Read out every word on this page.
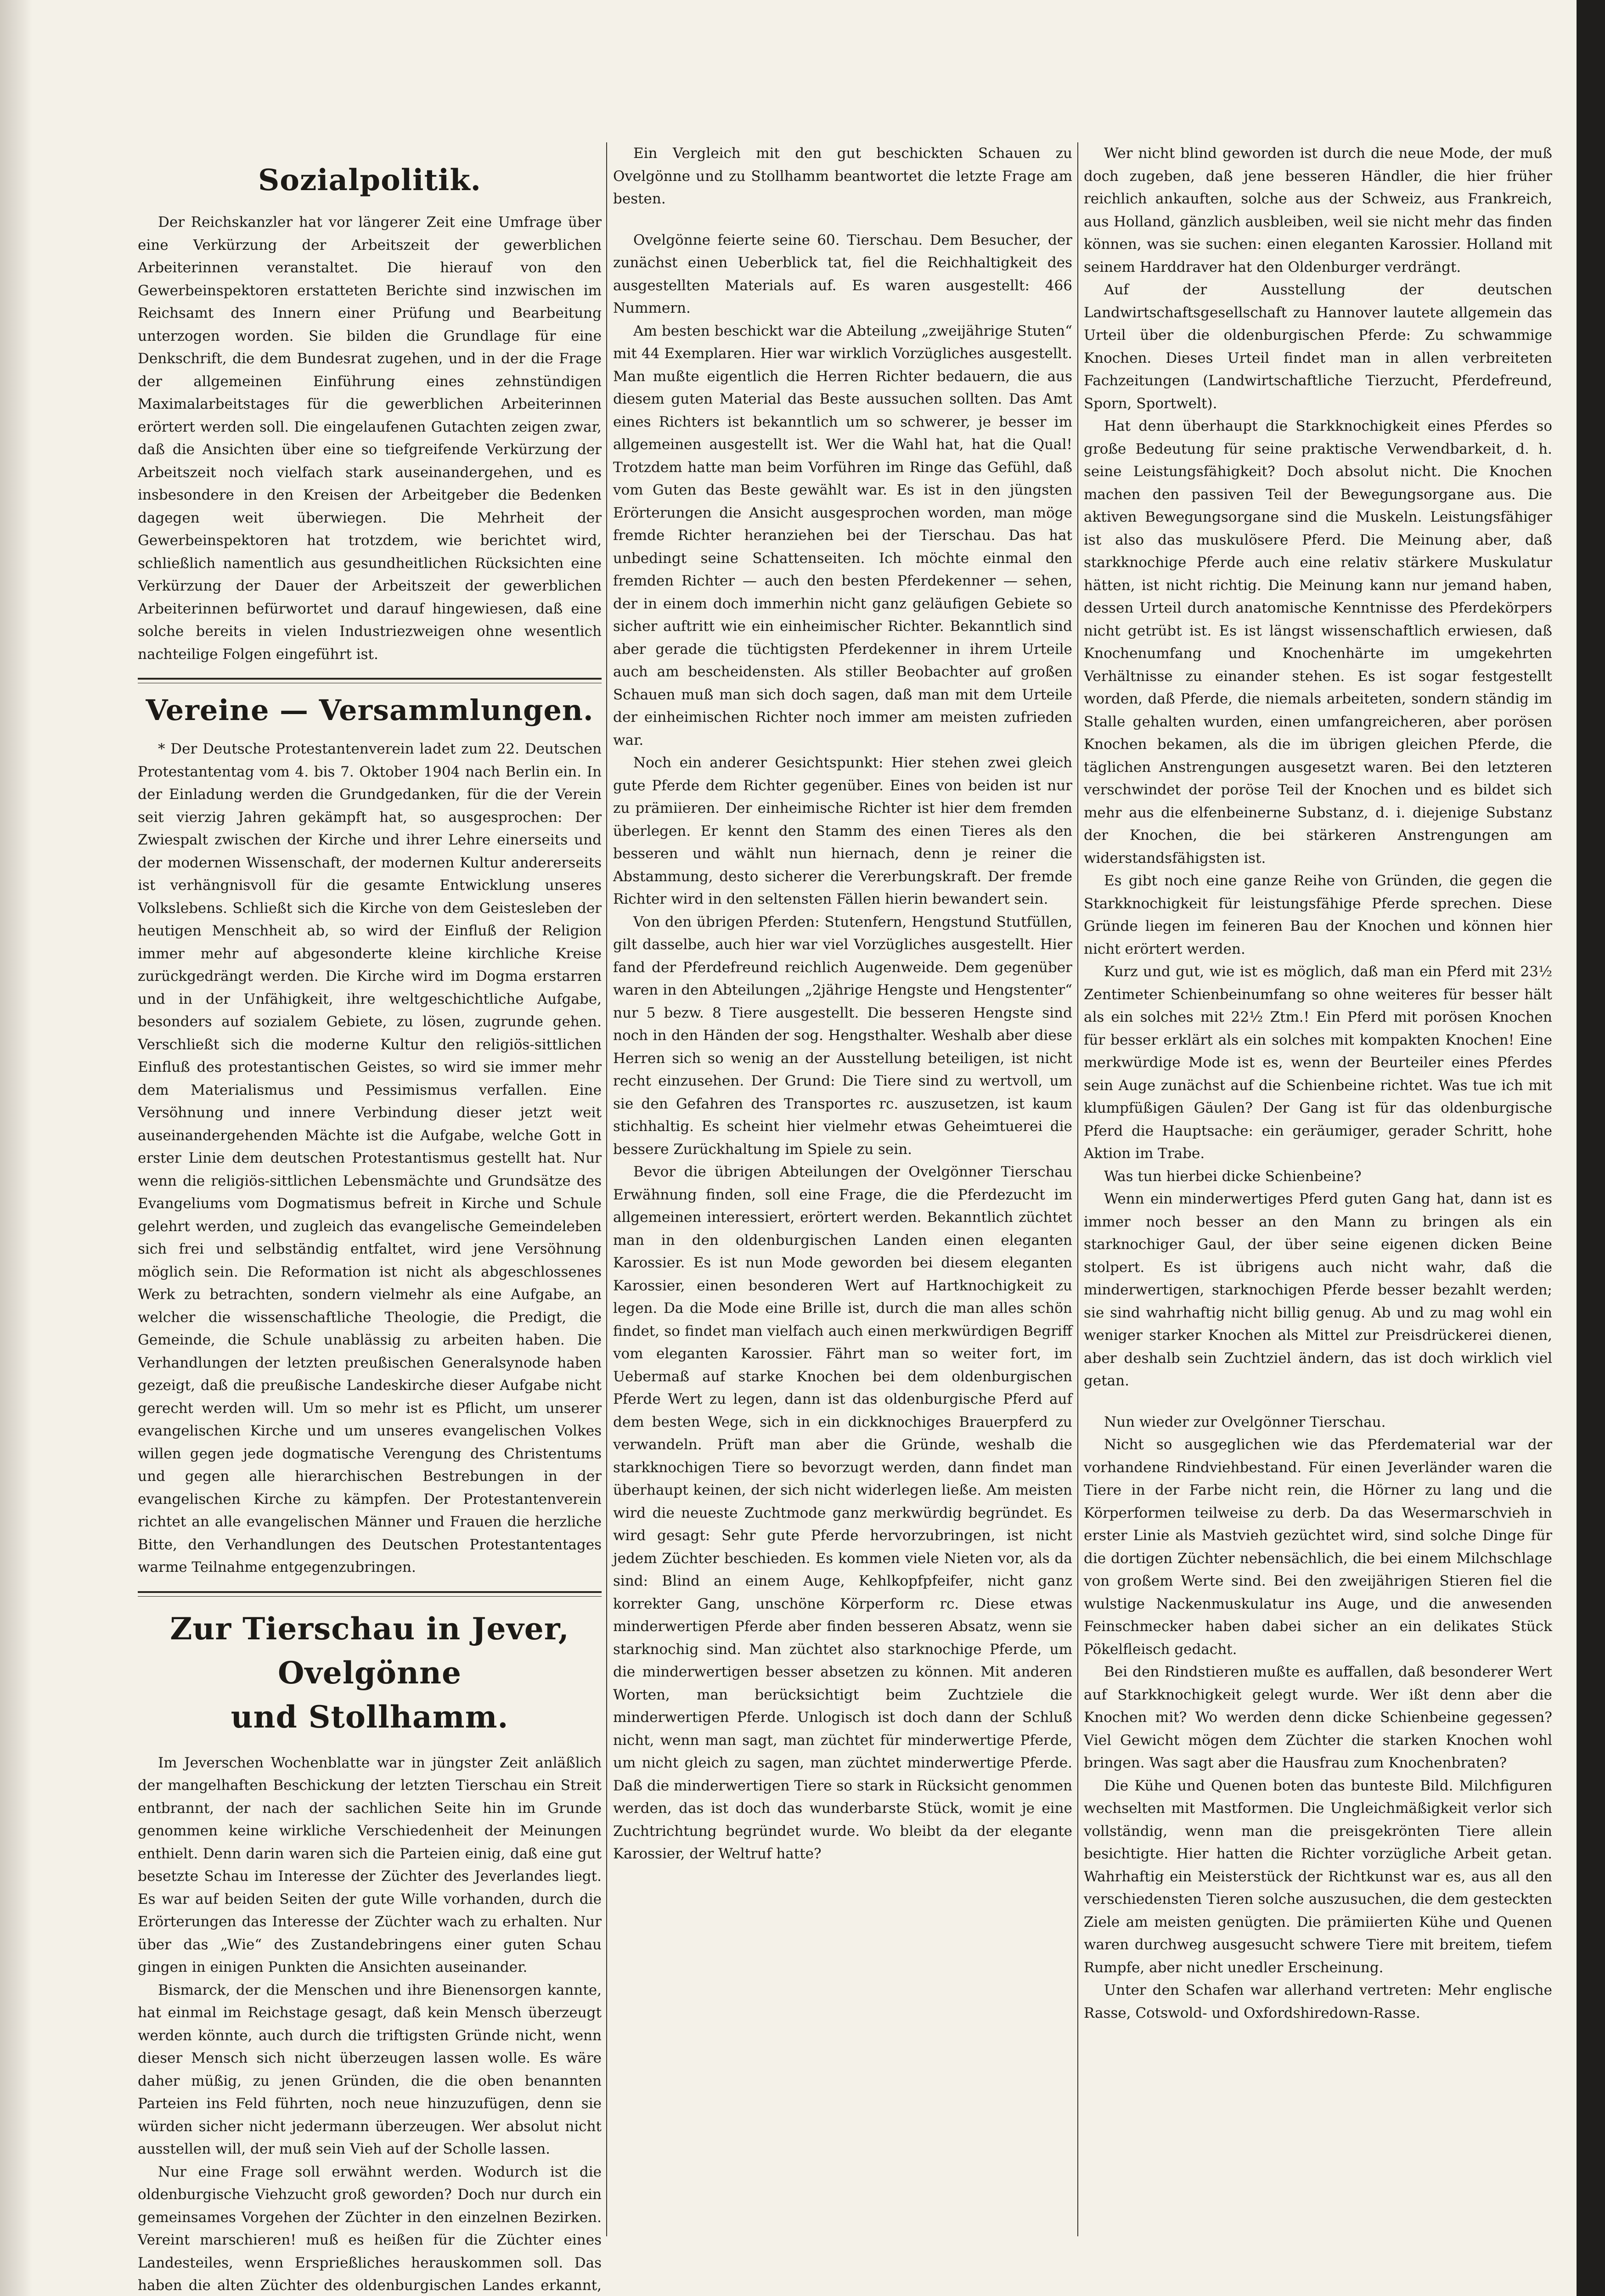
Sozialpolitik.

Der Reichskanzler hat vor längerer Zeit eine Umfrage über eine Verkürzung der Arbeitszeit der gewerblichen Arbeiterinnen veranstaltet. Die hierauf von den Gewerbeinspektoren erstatteten Berichte sind inzwischen im Reichsamt des Innern einer Prüfung und Bearbeitung unterzogen worden. Sie bilden die Grundlage für eine Denkschrift, die dem Bundesrat zugehen, und in der die Frage der allgemeinen Einführung eines zehnstündigen Maximalarbeitstages für die gewerblichen Arbeiterinnen erörtert werden soll. Die eingelaufenen Gutachten zeigen zwar, daß die Ansichten über eine so tiefgreifende Verkürzung der Arbeitszeit noch vielfach stark auseinandergehen, und es insbesondere in den Kreisen der Arbeitgeber die Bedenken dagegen weit überwiegen. Die Mehrheit der Gewerbeinspektoren hat trotzdem, wie berichtet wird, schließlich namentlich aus gesundheitlichen Rücksichten eine Verkürzung der Dauer der Arbeitszeit der gewerblichen Arbeiterinnen befürwortet und darauf hingewiesen, daß eine solche bereits in vielen Industriezweigen ohne wesentlich nachteilige Folgen eingeführt ist.

Vereine — Versammlungen.

* Der Deutsche Protestantenverein ladet zum 22. Deutschen Protestantentag vom 4. bis 7. Oktober 1904 nach Berlin ein. In der Einladung werden die Grundgedanken, für die der Verein seit vierzig Jahren gekämpft hat, so ausgesprochen: Der Zwiespalt zwischen der Kirche und ihrer Lehre einerseits und der modernen Wissenschaft, der modernen Kultur andererseits ist verhängnisvoll für die gesamte Entwicklung unseres Volkslebens. Schließt sich die Kirche von dem Geistesleben der heutigen Menschheit ab, so wird der Einfluß der Religion immer mehr auf abgesonderte kleine kirchliche Kreise zurückgedrängt werden. Die Kirche wird im Dogma erstarren und in der Unfähigkeit, ihre weltgeschichtliche Aufgabe, besonders auf sozialem Gebiete, zu lösen, zugrunde gehen. Verschließt sich die moderne Kultur den religiös-sittlichen Einfluß des protestantischen Geistes, so wird sie immer mehr dem Materialismus und Pessimismus verfallen. Eine Versöhnung und innere Verbindung dieser jetzt weit auseinandergehenden Mächte ist die Aufgabe, welche Gott in erster Linie dem deutschen Protestantismus gestellt hat. Nur wenn die religiös-sittlichen Lebensmächte und Grundsätze des Evangeliums vom Dogmatismus befreit in Kirche und Schule gelehrt werden, und zugleich das evangelische Gemeindeleben sich frei und selbständig entfaltet, wird jene Versöhnung möglich sein. Die Reformation ist nicht als abgeschlossenes Werk zu betrachten, sondern vielmehr als eine Aufgabe, an welcher die wissenschaftliche Theologie, die Predigt, die Gemeinde, die Schule unablässig zu arbeiten haben. Die Verhandlungen der letzten preußischen Generalsynode haben gezeigt, daß die preußische Landeskirche dieser Aufgabe nicht gerecht werden will. Um so mehr ist es Pflicht, um unserer evangelischen Kirche und um unseres evangelischen Volkes willen gegen jede dogmatische Verengung des Christentums und gegen alle hierarchischen Bestrebungen in der evangelischen Kirche zu kämpfen. Der Protestantenverein richtet an alle evangelischen Männer und Frauen die herzliche Bitte, den Verhandlungen des Deutschen Protestantentages warme Teilnahme entgegenzubringen.

Zur Tierschau in Jever, Ovelgönne
und Stollhamm.

Im Jeverschen Wochenblatte war in jüngster Zeit anläßlich der mangelhaften Beschickung der letzten Tierschau ein Streit entbrannt, der nach der sachlichen Seite hin im Grunde genommen keine wirkliche Verschiedenheit der Meinungen enthielt. Denn darin waren sich die Parteien einig, daß eine gut besetzte Schau im Interesse der Züchter des Jeverlandes liegt. Es war auf beiden Seiten der gute Wille vorhanden, durch die Erörterungen das Interesse der Züchter wach zu erhalten. Nur über das „Wie“ des Zustandebringens einer guten Schau gingen in einigen Punkten die Ansichten auseinander.

Bismarck, der die Menschen und ihre Bienensorgen kannte, hat einmal im Reichstage gesagt, daß kein Mensch überzeugt werden könnte, auch durch die triftigsten Gründe nicht, wenn dieser Mensch sich nicht überzeugen lassen wolle. Es wäre daher müßig, zu jenen Gründen, die die oben benannten Parteien ins Feld führten, noch neue hinzuzufügen, denn sie würden sicher nicht jedermann überzeugen. Wer absolut nicht ausstellen will, der muß sein Vieh auf der Scholle lassen.

Nur eine Frage soll erwähnt werden. Wodurch ist die oldenburgische Viehzucht groß geworden? Doch nur durch ein gemeinsames Vorgehen der Züchter in den einzelnen Bezirken. Vereint marschieren! muß es heißen für die Züchter eines Landesteiles, wenn Ersprießliches herauskommen soll. Das haben die alten Züchter des oldenburgischen Landes erkannt,

Ein Vergleich mit den gut beschickten Schauen zu Ovelgönne und zu Stollhamm beantwortet die letzte Frage am besten.

Ovelgönne feierte seine 60. Tierschau. Dem Besucher, der zunächst einen Ueberblick tat, fiel die Reichhaltigkeit des ausgestellten Materials auf. Es waren ausgestellt: 466 Nummern.

Am besten beschickt war die Abteilung „zweijährige Stuten“ mit 44 Exemplaren. Hier war wirklich Vorzügliches ausgestellt. Man mußte eigentlich die Herren Richter bedauern, die aus diesem guten Material das Beste aussuchen sollten. Das Amt eines Richters ist bekanntlich um so schwerer, je besser im allgemeinen ausgestellt ist. Wer die Wahl hat, hat die Qual! Trotzdem hatte man beim Vorführen im Ringe das Gefühl, daß vom Guten das Beste gewählt war. Es ist in den jüngsten Erörterungen die Ansicht ausgesprochen worden, man möge fremde Richter heranziehen bei der Tierschau. Das hat unbedingt seine Schattenseiten. Ich möchte einmal den fremden Richter — auch den besten Pferdekenner — sehen, der in einem doch immerhin nicht ganz geläufigen Gebiete so sicher auftritt wie ein einheimischer Richter. Bekanntlich sind aber gerade die tüchtigsten Pferdekenner in ihrem Urteile auch am bescheidensten. Als stiller Beobachter auf großen Schauen muß man sich doch sagen, daß man mit dem Urteile der einheimischen Richter noch immer am meisten zufrieden war.

Noch ein anderer Gesichtspunkt: Hier stehen zwei gleich gute Pferde dem Richter gegenüber. Eines von beiden ist nur zu prämiieren. Der einheimische Richter ist hier dem fremden überlegen. Er kennt den Stamm des einen Tieres als den besseren und wählt nun hiernach, denn je reiner die Abstammung, desto sicherer die Vererbungskraft. Der fremde Richter wird in den seltensten Fällen hierin bewandert sein.

Von den übrigen Pferden: Stutenfern, Hengstund Stutfüllen, gilt dasselbe, auch hier war viel Vorzügliches ausgestellt. Hier fand der Pferdefreund reichlich Augenweide. Dem gegenüber waren in den Abteilungen „2jährige Hengste und Hengstenter“ nur 5 bezw. 8 Tiere ausgestellt. Die besseren Hengste sind noch in den Händen der sog. Hengsthalter. Weshalb aber diese Herren sich so wenig an der Ausstellung beteiligen, ist nicht recht einzusehen. Der Grund: Die Tiere sind zu wertvoll, um sie den Gefahren des Transportes rc. auszusetzen, ist kaum stichhaltig. Es scheint hier vielmehr etwas Geheimtuerei die bessere Zurückhaltung im Spiele zu sein.

Bevor die übrigen Abteilungen der Ovelgönner Tierschau Erwähnung finden, soll eine Frage, die die Pferdezucht im allgemeinen interessiert, erörtert werden. Bekanntlich züchtet man in den oldenburgischen Landen einen eleganten Karossier. Es ist nun Mode geworden bei diesem eleganten Karossier, einen besonderen Wert auf Hartknochigkeit zu legen. Da die Mode eine Brille ist, durch die man alles schön findet, so findet man vielfach auch einen merkwürdigen Begriff vom eleganten Karossier. Fährt man so weiter fort, im Uebermaß auf starke Knochen bei dem oldenburgischen Pferde Wert zu legen, dann ist das oldenburgische Pferd auf dem besten Wege, sich in ein dickknochiges Brauerpferd zu verwandeln. Prüft man aber die Gründe, weshalb die starkknochigen Tiere so bevorzugt werden, dann findet man überhaupt keinen, der sich nicht widerlegen ließe. Am meisten wird die neueste Zuchtmode ganz merkwürdig begründet. Es wird gesagt: Sehr gute Pferde hervorzubringen, ist nicht jedem Züchter beschieden. Es kommen viele Nieten vor, als da sind: Blind an einem Auge, Kehlkopfpfeifer, nicht ganz korrekter Gang, unschöne Körperform rc. Diese etwas minderwertigen Pferde aber finden besseren Absatz, wenn sie starknochig sind. Man züchtet also starknochige Pferde, um die minderwertigen besser absetzen zu können. Mit anderen Worten, man berücksichtigt beim Zuchtziele die minderwertigen Pferde. Unlogisch ist doch dann der Schluß nicht, wenn man sagt, man züchtet für minderwertige Pferde, um nicht gleich zu sagen, man züchtet minderwertige Pferde. Daß die minderwertigen Tiere so stark in Rücksicht genommen werden, das ist doch das wunderbarste Stück, womit je eine Zuchtrichtung begründet wurde. Wo bleibt da der elegante Karossier, der Weltruf hatte?

Wer nicht blind geworden ist durch die neue Mode, der muß doch zugeben, daß jene besseren Händler, die hier früher reichlich ankauften, solche aus der Schweiz, aus Frankreich, aus Holland, gänzlich ausbleiben, weil sie nicht mehr das finden können, was sie suchen: einen eleganten Karossier. Holland mit seinem Harddraver hat den Oldenburger verdrängt.

Auf der Ausstellung der deutschen Landwirtschaftsgesellschaft zu Hannover lautete allgemein das Urteil über die oldenburgischen Pferde: Zu schwammige Knochen. Dieses Urteil findet man in allen verbreiteten Fachzeitungen (Landwirtschaftliche Tierzucht, Pferdefreund, Sporn, Sportwelt).

Hat denn überhaupt die Starkknochigkeit eines Pferdes so große Bedeutung für seine praktische Verwendbarkeit, d. h. seine Leistungsfähigkeit? Doch absolut nicht. Die Knochen machen den passiven Teil der Bewegungsorgane aus. Die aktiven Bewegungsorgane sind die Muskeln. Leistungsfähiger ist also das muskulösere Pferd. Die Meinung aber, daß starkknochige Pferde auch eine relativ stärkere Muskulatur hätten, ist nicht richtig. Die Meinung kann nur jemand haben, dessen Urteil durch anatomische Kenntnisse des Pferdekörpers nicht getrübt ist. Es ist längst wissenschaftlich erwiesen, daß Knochenumfang und Knochenhärte im umgekehrten Verhältnisse zu einander stehen. Es ist sogar festgestellt worden, daß Pferde, die niemals arbeiteten, sondern ständig im Stalle gehalten wurden, einen umfangreicheren, aber porösen Knochen bekamen, als die im übrigen gleichen Pferde, die täglichen Anstrengungen ausgesetzt waren. Bei den letzteren verschwindet der poröse Teil der Knochen und es bildet sich mehr aus die elfenbeinerne Substanz, d. i. diejenige Substanz der Knochen, die bei stärkeren Anstrengungen am widerstandsfähigsten ist.

Es gibt noch eine ganze Reihe von Gründen, die gegen die Starkknochigkeit für leistungsfähige Pferde sprechen. Diese Gründe liegen im feineren Bau der Knochen und können hier nicht erörtert werden.

Kurz und gut, wie ist es möglich, daß man ein Pferd mit 23½ Zentimeter Schienbeinumfang so ohne weiteres für besser hält als ein solches mit 22½ Ztm.! Ein Pferd mit porösen Knochen für besser erklärt als ein solches mit kompakten Knochen! Eine merkwürdige Mode ist es, wenn der Beurteiler eines Pferdes sein Auge zunächst auf die Schienbeine richtet. Was tue ich mit klumpfüßigen Gäulen? Der Gang ist für das oldenburgische Pferd die Hauptsache: ein geräumiger, gerader Schritt, hohe Aktion im Trabe.

Was tun hierbei dicke Schienbeine?

Wenn ein minderwertiges Pferd guten Gang hat, dann ist es immer noch besser an den Mann zu bringen als ein starknochiger Gaul, der über seine eigenen dicken Beine stolpert. Es ist übrigens auch nicht wahr, daß die minderwertigen, starknochigen Pferde besser bezahlt werden; sie sind wahrhaftig nicht billig genug. Ab und zu mag wohl ein weniger starker Knochen als Mittel zur Preisdrückerei dienen, aber deshalb sein Zuchtziel ändern, das ist doch wirklich viel getan.

Nun wieder zur Ovelgönner Tierschau.

Nicht so ausgeglichen wie das Pferdematerial war der vorhandene Rindviehbestand. Für einen Jeverländer waren die Tiere in der Farbe nicht rein, die Hörner zu lang und die Körperformen teilweise zu derb. Da das Wesermarschvieh in erster Linie als Mastvieh gezüchtet wird, sind solche Dinge für die dortigen Züchter nebensächlich, die bei einem Milchschlage von großem Werte sind. Bei den zweijährigen Stieren fiel die wulstige Nackenmuskulatur ins Auge, und die anwesenden Feinschmecker haben dabei sicher an ein delikates Stück Pökelfleisch gedacht.

Bei den Rindstieren mußte es auffallen, daß besonderer Wert auf Starkknochigkeit gelegt wurde. Wer ißt denn aber die Knochen mit? Wo werden denn dicke Schienbeine gegessen? Viel Gewicht mögen dem Züchter die starken Knochen wohl bringen. Was sagt aber die Hausfrau zum Knochenbraten?

Die Kühe und Quenen boten das bunteste Bild. Milchfiguren wechselten mit Mastformen. Die Ungleichmäßigkeit verlor sich vollständig, wenn man die preisgekrönten Tiere allein besichtigte. Hier hatten die Richter vorzügliche Arbeit getan. Wahrhaftig ein Meisterstück der Richtkunst war es, aus all den verschiedensten Tieren solche auszusuchen, die dem gesteckten Ziele am meisten genügten. Die prämiierten Kühe und Quenen waren durchweg ausgesucht schwere Tiere mit breitem, tiefem Rumpfe, aber nicht unedler Erscheinung.

Unter den Schafen war allerhand vertreten: Mehr englische Rasse, Cotswold- und Oxfordshiredown-Rasse.
